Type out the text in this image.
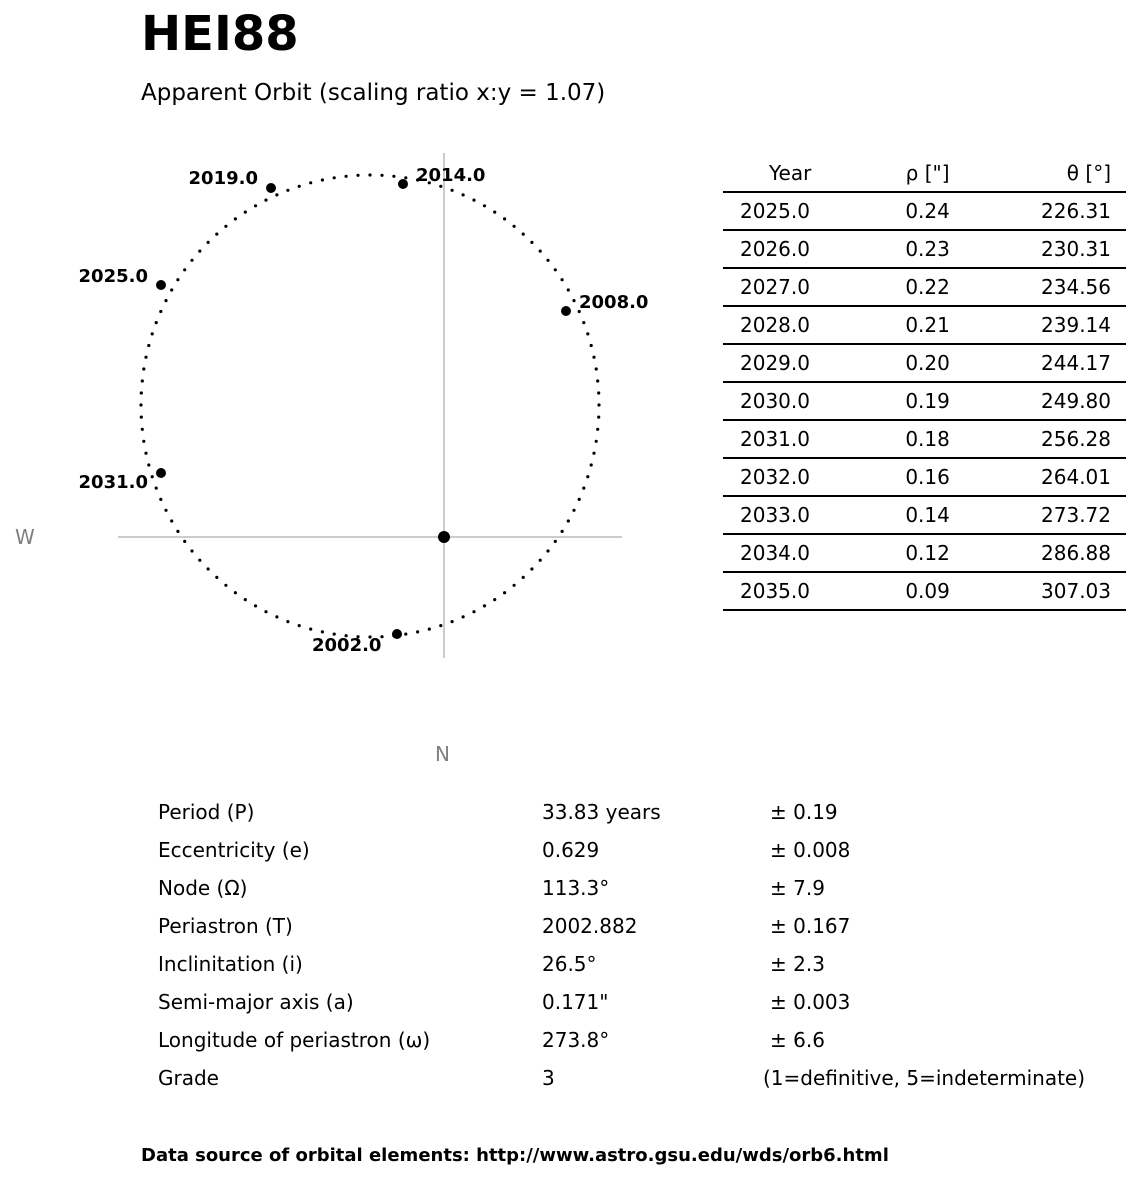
HEI88
Apparent Orbit (scaling ratio x:y = 1.07)
2002.0
2008.0
2014.0
2019.0
2025.0
2031.0
W
N
Year	ρ ["]	θ [°]
2025.0	0.24	226.31
2026.0	0.23	230.31
2027.0	0.22	234.56
2028.0	0.21	239.14
2029.0	0.20	244.17
2030.0	0.19	249.80
2031.0	0.18	256.28
2032.0	0.16	264.01
2033.0	0.14	273.72
2034.0	0.12	286.88
2035.0	0.09	307.03
Period (P)	33.83 years	± 0.19
Eccentricity (e)	0.629	± 0.008
Node (Ω)	113.3°	± 7.9
Periastron (T)	2002.882	± 0.167
Inclinitation (i)	26.5°	± 2.3
Semi-major axis (a)	0.171"	± 0.003
Longitude of periastron (ω)	273.8°	± 6.6
Grade	3	(1=definitive, 5=indeterminate)
Data source of orbital elements: http://www.astro.gsu.edu/wds/orb6.html
